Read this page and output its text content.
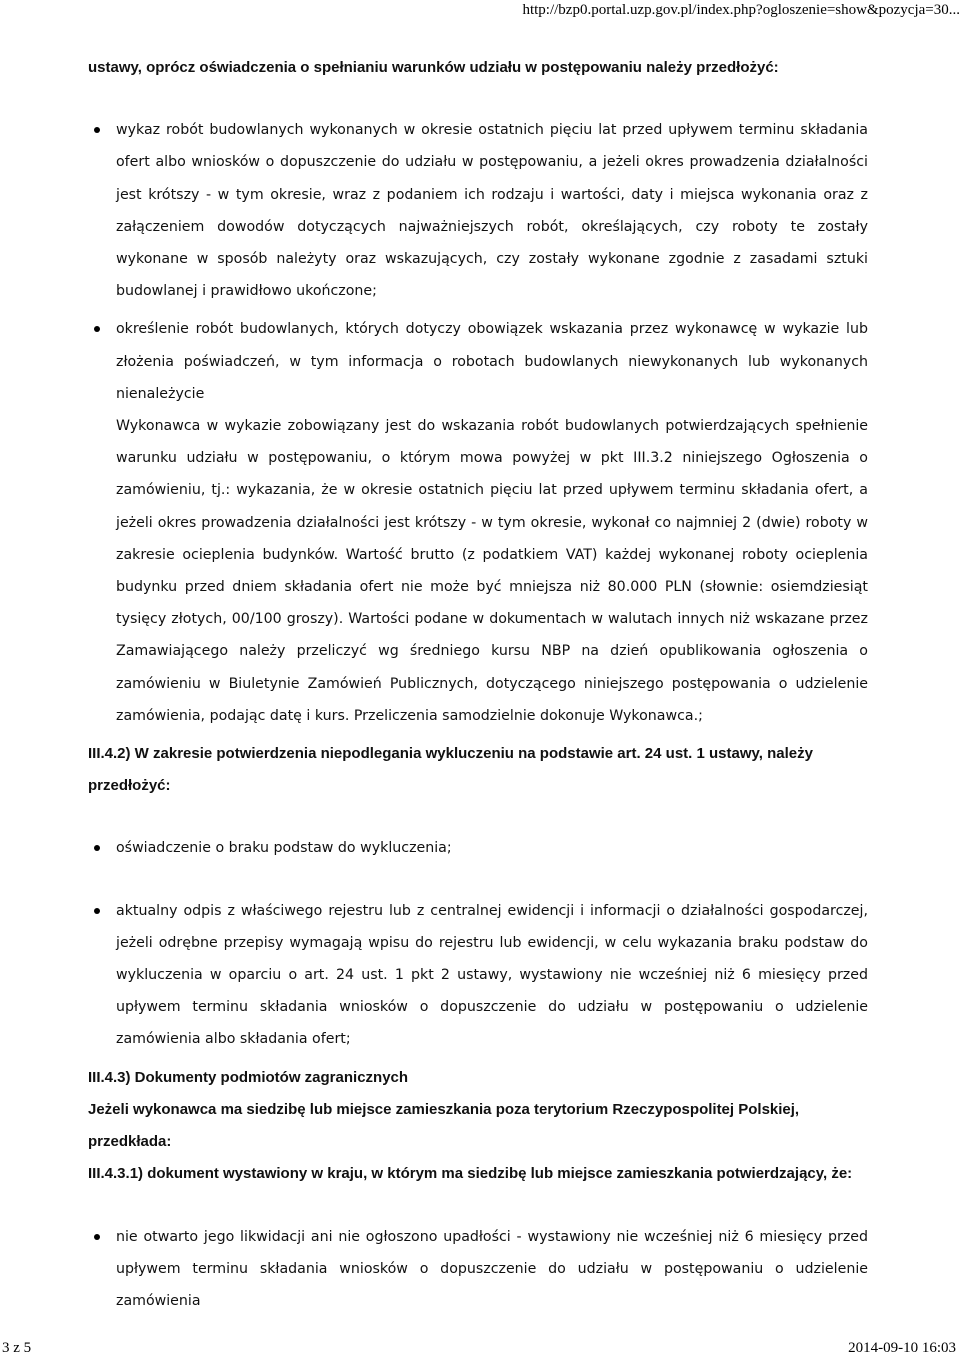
http://bzp0.portal.uzp.gov.pl/index.php?ogloszenie=show&pozycja=30...

ustawy, oprócz oświadczenia o spełnianiu warunków udziału w postępowaniu należy przedłożyć:

wykaz robót budowlanych wykonanych w okresie ostatnich pięciu lat przed upływem terminu składania ofert albo wniosków o dopuszczenie do udziału w postępowaniu, a jeżeli okres prowadzenia działalności jest krótszy - w tym okresie, wraz z podaniem ich rodzaju i wartości, daty i miejsca wykonania oraz z załączeniem dowodów dotyczących najważniejszych robót, określających, czy roboty te zostały wykonane w sposób należyty oraz wskazujących, czy zostały wykonane zgodnie z zasadami sztuki budowlanej i prawidłowo ukończone;
określenie robót budowlanych, których dotyczy obowiązek wskazania przez wykonawcę w wykazie lub złożenia poświadczeń, w tym informacja o robotach budowlanych niewykonanych lub wykonanych nienależycie

Wykonawca w wykazie zobowiązany jest do wskazania robót budowlanych potwierdzających spełnienie warunku udziału w postępowaniu, o którym mowa powyżej w pkt III.3.2 niniejszego Ogłoszenia o zamówieniu, tj.: wykazania, że w okresie ostatnich pięciu lat przed upływem terminu składania ofert, a jeżeli okres prowadzenia działalności jest krótszy - w tym okresie, wykonał co najmniej 2 (dwie) roboty w zakresie ocieplenia budynków. Wartość brutto (z podatkiem VAT) każdej wykonanej roboty ocieplenia budynku przed dniem składania ofert nie może być mniejsza niż 80.000 PLN (słownie: osiemdziesiąt tysięcy złotych, 00/100 groszy). Wartości podane w dokumentach w walutach innych niż wskazane przez Zamawiającego należy przeliczyć wg średniego kursu NBP na dzień opublikowania ogłoszenia o zamówieniu w Biuletynie Zamówień Publicznych, dotyczącego niniejszego postępowania o udzielenie zamówienia, podając datę i kurs. Przeliczenia samodzielnie dokonuje Wykonawca.;

III.4.2) W zakresie potwierdzenia niepodlegania wykluczeniu na podstawie art. 24 ust. 1 ustawy, należy przedłożyć:

oświadczenie o braku podstaw do wykluczenia;
aktualny odpis z właściwego rejestru lub z centralnej ewidencji i informacji o działalności gospodarczej, jeżeli odrębne przepisy wymagają wpisu do rejestru lub ewidencji, w celu wykazania braku podstaw do wykluczenia w oparciu o art. 24 ust. 1 pkt 2 ustawy, wystawiony nie wcześniej niż 6 miesięcy przed upływem terminu składania wniosków o dopuszczenie do udziału w postępowaniu o udzielenie zamówienia albo składania ofert;

III.4.3) Dokumenty podmiotów zagranicznych

Jeżeli wykonawca ma siedzibę lub miejsce zamieszkania poza terytorium Rzeczypospolitej Polskiej, przedkłada:

III.4.3.1) dokument wystawiony w kraju, w którym ma siedzibę lub miejsce zamieszkania potwierdzający, że:

nie otwarto jego likwidacji ani nie ogłoszono upadłości - wystawiony nie wcześniej niż 6 miesięcy przed upływem terminu składania wniosków o dopuszczenie do udziału w postępowaniu o udzielenie zamówienia
3 z 5	2014-09-10 16:03
